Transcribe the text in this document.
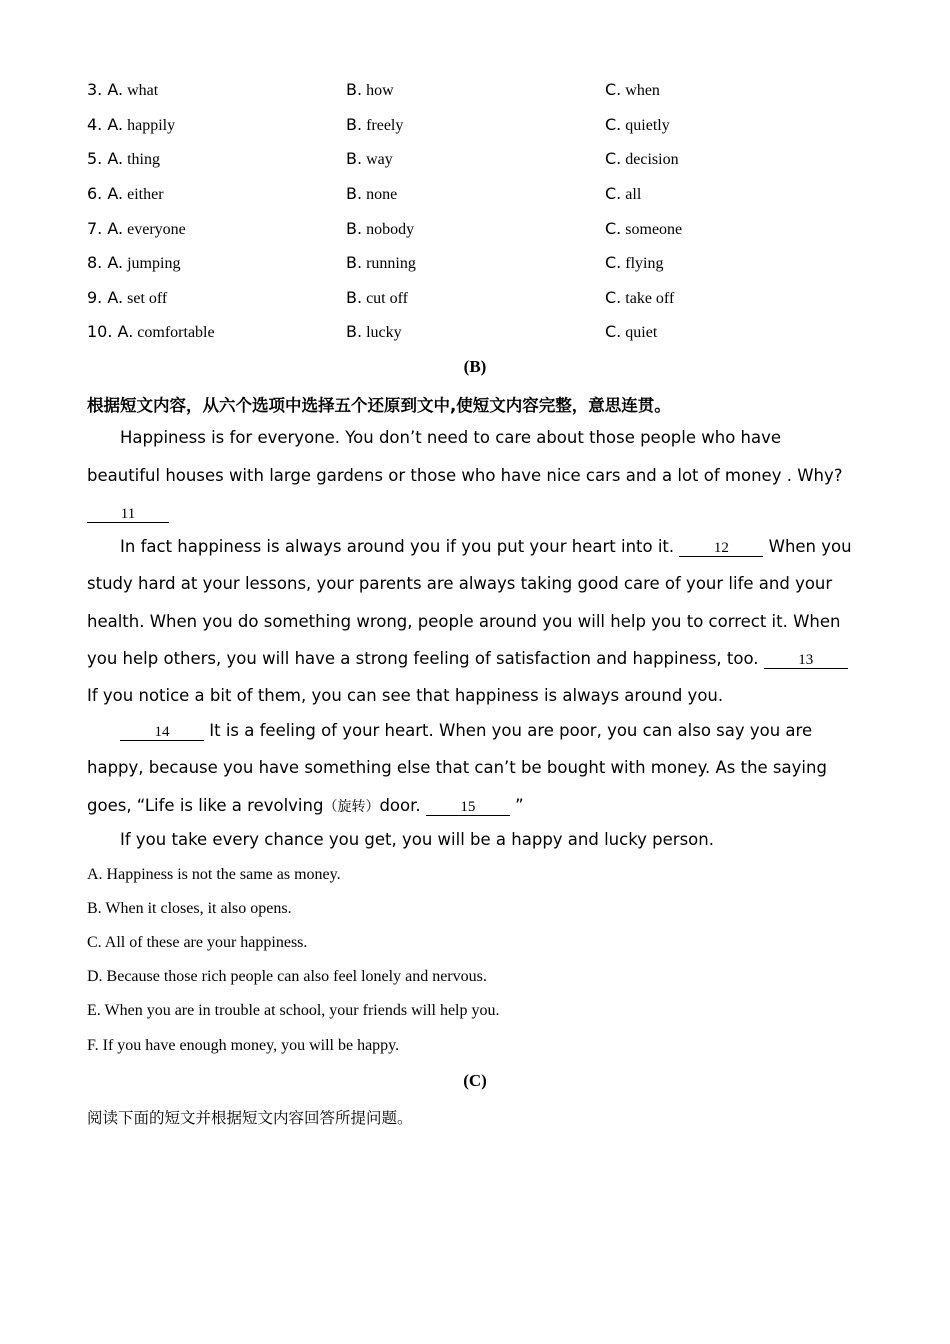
3. A. what	B. how	C. when
4. A. happily	B. freely	C. quietly
5. A. thing	B. way	C. decision
6. A. either	B. none	C. all
7. A. everyone	B. nobody	C. someone
8. A. jumping	B. running	C. flying
9. A. set off	B. cut off	C. take off
10. A. comfortable	B. lucky	C. quiet
(B)
根据短文内容，从六个选项中选择五个还原到文中,使短文内容完整，意思连贯。
Happiness is for everyone. You don’t need to care about those people who have
beautiful houses with large gardens or those who have nice cars and a lot of money . Why?
11
In fact happiness is always around you if you put your heart into it. 12 When you
study hard at your lessons, your parents are always taking good care of your life and your
health. When you do something wrong, people around you will help you to correct it. When
you help others, you will have a strong feeling of satisfaction and happiness, too. 13
If you notice a bit of them, you can see that happiness is always around you.
14 It is a feeling of your heart. When you are poor, you can also say you are
happy, because you have something else that can’t be bought with money. As the saying
goes, “Life is like a revolving（旋转）door. 15 ”
If you take every chance you get, you will be a happy and lucky person.
A. Happiness is not the same as money.
B. When it closes, it also opens.
C. All of these are your happiness.
D. Because those rich people can also feel lonely and nervous.
E. When you are in trouble at school, your friends will help you.
F. If you have enough money, you will be happy.
(C)
阅读下面的短文并根据短文内容回答所提问题。
